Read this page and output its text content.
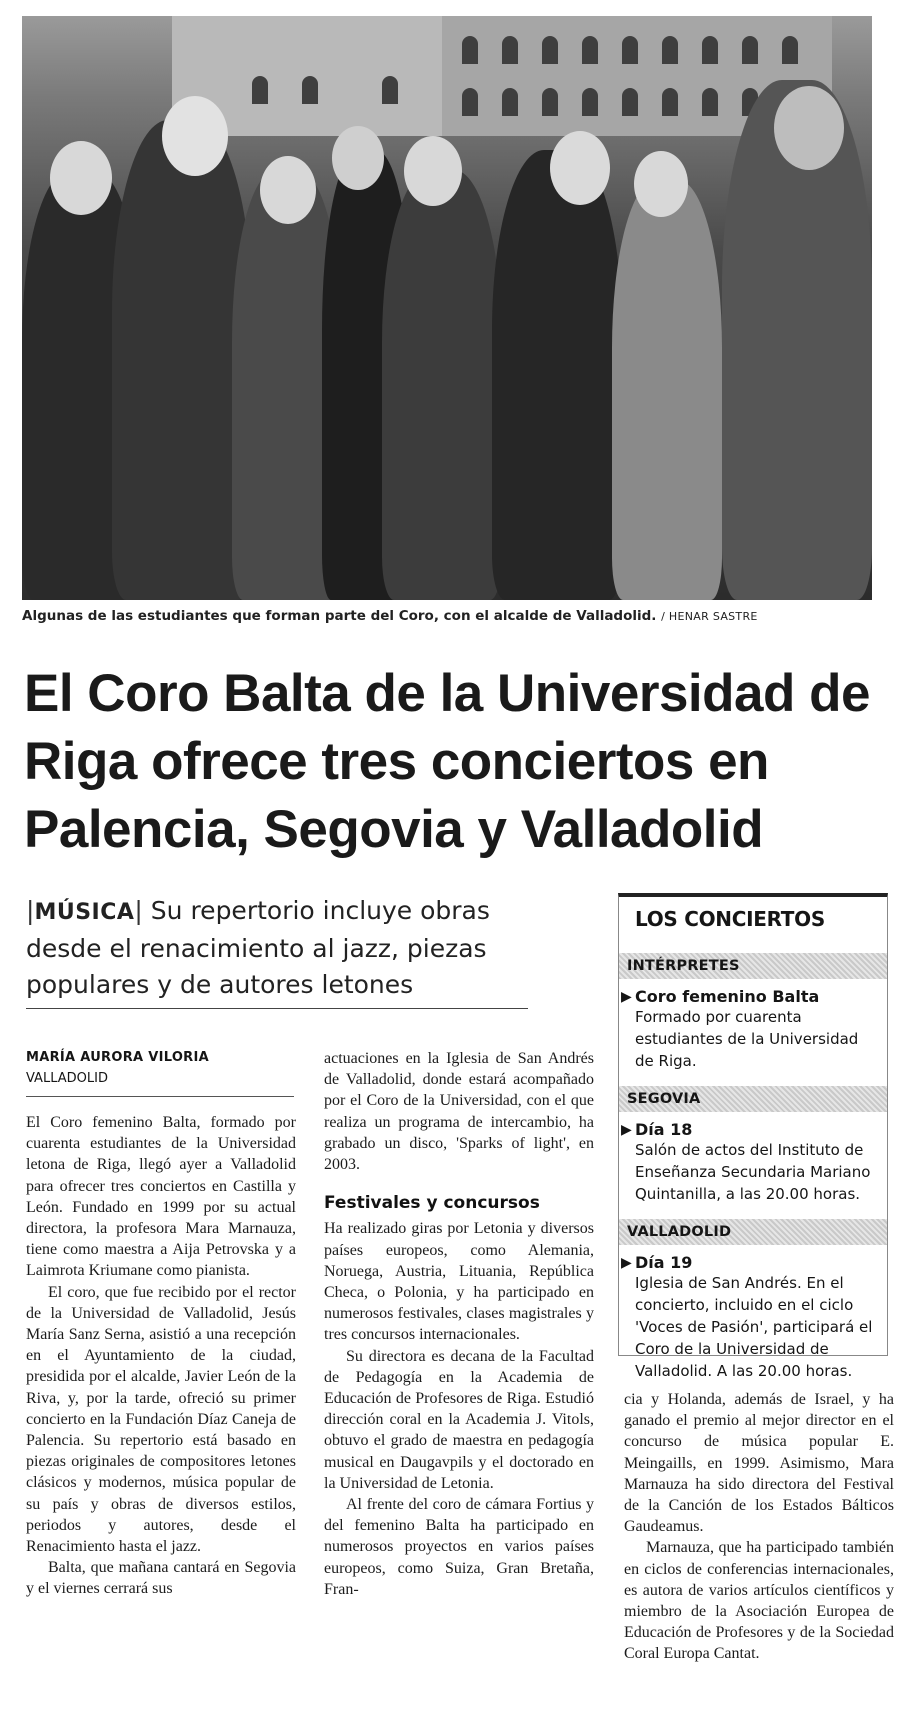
Algunas de las estudiantes que forman parte del Coro, con el alcalde de Valladolid. / HENAR SASTRE
El Coro Balta de la Universidad de Riga ofrece tres conciertos en Palencia, Segovia y Valladolid
|MÚSICA| Su repertorio incluye obras desde el renacimiento al jazz, piezas populares y de autores letones
MARÍA AURORA VILORIA
VALLADOLID

El Coro femenino Balta, formado por cuarenta estudiantes de la Universidad letona de Riga, llegó ayer a Valladolid para ofrecer tres conciertos en Castilla y León. Fundado en 1999 por su actual directora, la profesora Mara Marnauza, tiene como maestra a Aija Petrovska y a Laimrota Kriumane como pianista.

El coro, que fue recibido por el rector de la Universidad de Valladolid, Jesús María Sanz Serna, asistió a una recepción en el Ayuntamiento de la ciudad, presidida por el alcalde, Javier León de la Riva, y, por la tarde, ofreció su primer concierto en la Fundación Díaz Caneja de Palencia. Su repertorio está basado en piezas originales de compositores letones clásicos y modernos, música popular de su país y obras de diversos estilos, periodos y autores, desde el Renacimiento hasta el jazz.

Balta, que mañana cantará en Segovia y el viernes cerrará sus

actuaciones en la Iglesia de San Andrés de Valladolid, donde estará acompañado por el Coro de la Universidad, con el que realiza un programa de intercambio, ha grabado un disco, 'Sparks of light', en 2003.

Festivales y concursos

Ha realizado giras por Letonia y diversos países europeos, como Alemania, Noruega, Austria, Lituania, República Checa, o Polonia, y ha participado en numerosos festivales, clases magistrales y tres concursos internacionales.

Su directora es decana de la Facultad de Pedagogía en la Academia de Educación de Profesores de Riga. Estudió dirección coral en la Academia J. Vitols, obtuvo el grado de maestra en pedagogía musical en Daugavpils y el doctorado en la Universidad de Letonia.

Al frente del coro de cámara Fortius y del femenino Balta ha participado en numerosos proyectos en varios países europeos, como Suiza, Gran Bretaña, Fran-

cia y Holanda, además de Israel, y ha ganado el premio al mejor director en el concurso de música popular E. Meingaills, en 1999. Asimismo, Mara Marnauza ha sido directora del Festival de la Canción de los Estados Bálticos Gaudeamus.

Marnauza, que ha participado también en ciclos de conferencias internacionales, es autora de varios artículos científicos y miembro de la Asociación Europea de Educación de Profesores y de la Sociedad Coral Europa Cantat.

LOS CONCIERTOS
INTÉRPRETES
▶ Coro femenino Balta
Formado por cuarenta estudiantes de la Universidad de Riga.
SEGOVIA
▶ Día 18
Salón de actos del Instituto de Enseñanza Secundaria Mariano Quintanilla, a las 20.00 horas.
VALLADOLID
▶ Día 19
Iglesia de San Andrés. En el concierto, incluido en el ciclo 'Voces de Pasión', participará el Coro de la Universidad de Valladolid. A las 20.00 horas.
